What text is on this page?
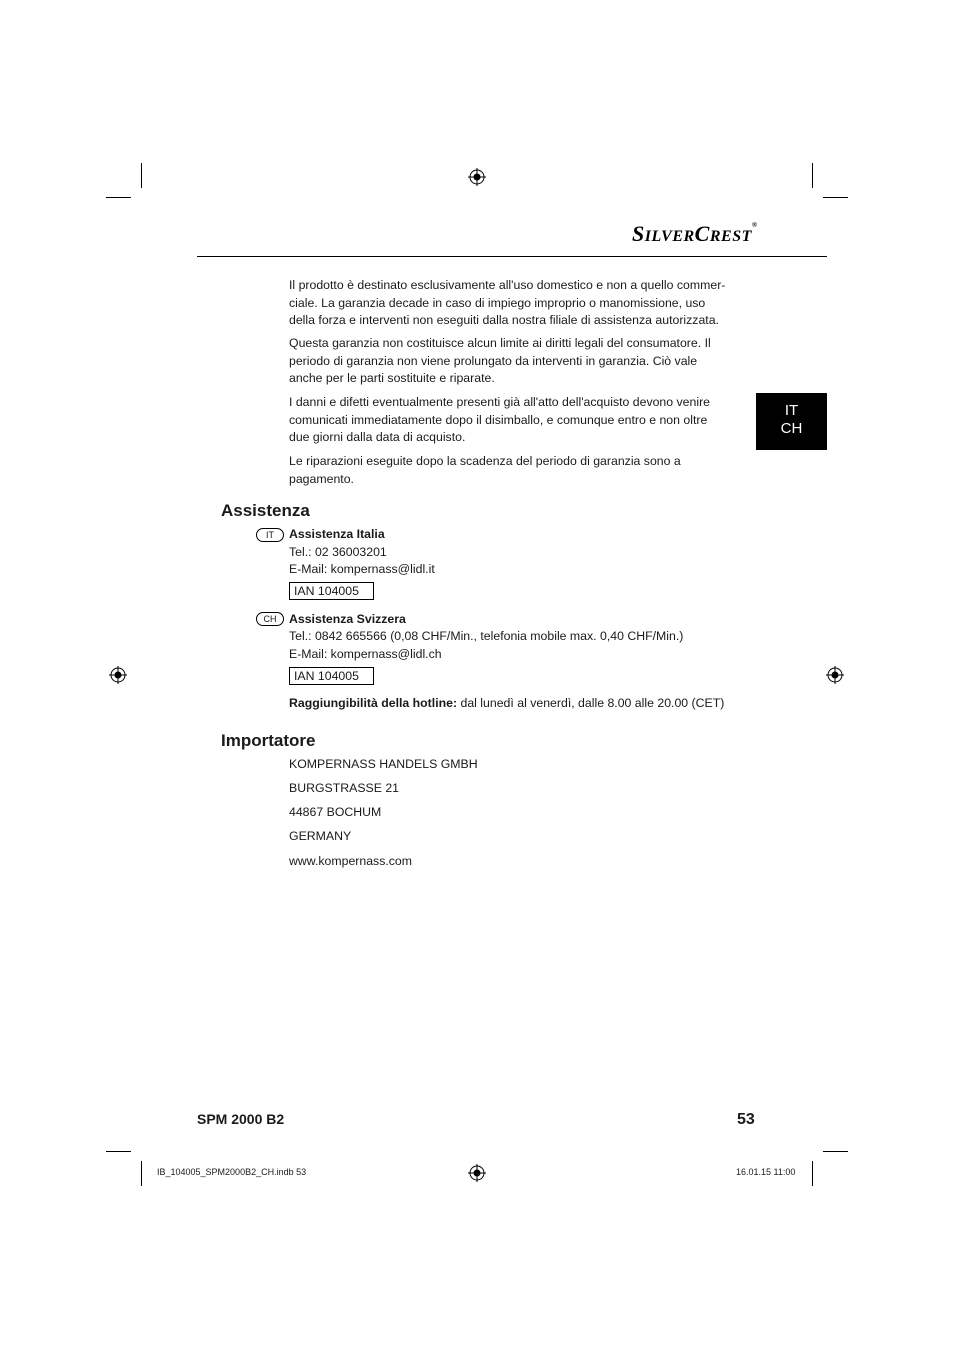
SILVERCREST®
IT
CH
Il prodotto è destinato esclusivamente all'uso domestico e non a quello commer-
ciale. La garanzia decade in caso di impiego improprio o manomissione, uso
della forza e interventi non eseguiti dalla nostra filiale di assistenza autorizzata.
Questa garanzia non costituisce alcun limite ai diritti legali del consumatore. Il
periodo di garanzia non viene prolungato da interventi in garanzia. Ciò vale
anche per le parti sostituite e riparate.
I danni e difetti eventualmente presenti già all'atto dell'acquisto devono venire
comunicati immediatamente dopo il disimballo, e comunque entro e non oltre
due giorni dalla data di acquisto.
Le riparazioni eseguite dopo la scadenza del periodo di garanzia sono a
pagamento.
Assistenza
IT	Assistenza Italia
Tel.: 02 36003201
E-Mail: kompernass@lidl.it
IAN 104005
CH	Assistenza Svizzera
Tel.: 0842 665566 (0,08 CHF/Min., telefonia mobile max. 0,40 CHF/Min.)
E-Mail: kompernass@lidl.ch
IAN 104005
Raggiungibilità della hotline: dal lunedì al venerdì, dalle 8.00 alle 20.00 (CET)
Importatore
KOMPERNASS HANDELS GMBH
BURGSTRASSE 21
44867 BOCHUM
GERMANY
www.kompernass.com
SPM 2000 B2	53
IB_104005_SPM2000B2_CH.indb 53	16.01.15 11:00
